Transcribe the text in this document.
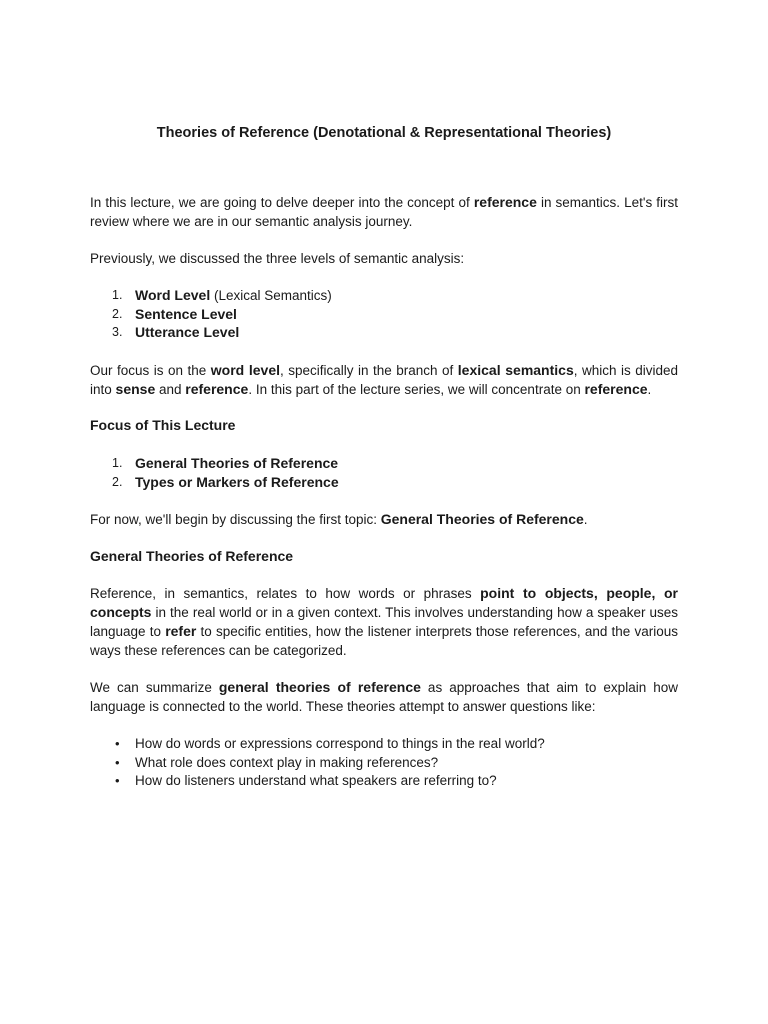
Theories of Reference (Denotational & Representational Theories)

In this lecture, we are going to delve deeper into the concept of reference in semantics. Let's first review where we are in our semantic analysis journey.

Previously, we discussed the three levels of semantic analysis:

1. Word Level (Lexical Semantics)
2. Sentence Level
3. Utterance Level

Our focus is on the word level, specifically in the branch of lexical semantics, which is divided into sense and reference. In this part of the lecture series, we will concentrate on reference.

Focus of This Lecture
1. General Theories of Reference
2. Types or Markers of Reference

For now, we'll begin by discussing the first topic: General Theories of Reference.

General Theories of Reference

Reference, in semantics, relates to how words or phrases point to objects, people, or concepts in the real world or in a given context. This involves understanding how a speaker uses language to refer to specific entities, how the listener interprets those references, and the various ways these references can be categorized.

We can summarize general theories of reference as approaches that aim to explain how language is connected to the world. These theories attempt to answer questions like:

• How do words or expressions correspond to things in the real world?
• What role does context play in making references?
• How do listeners understand what speakers are referring to?
